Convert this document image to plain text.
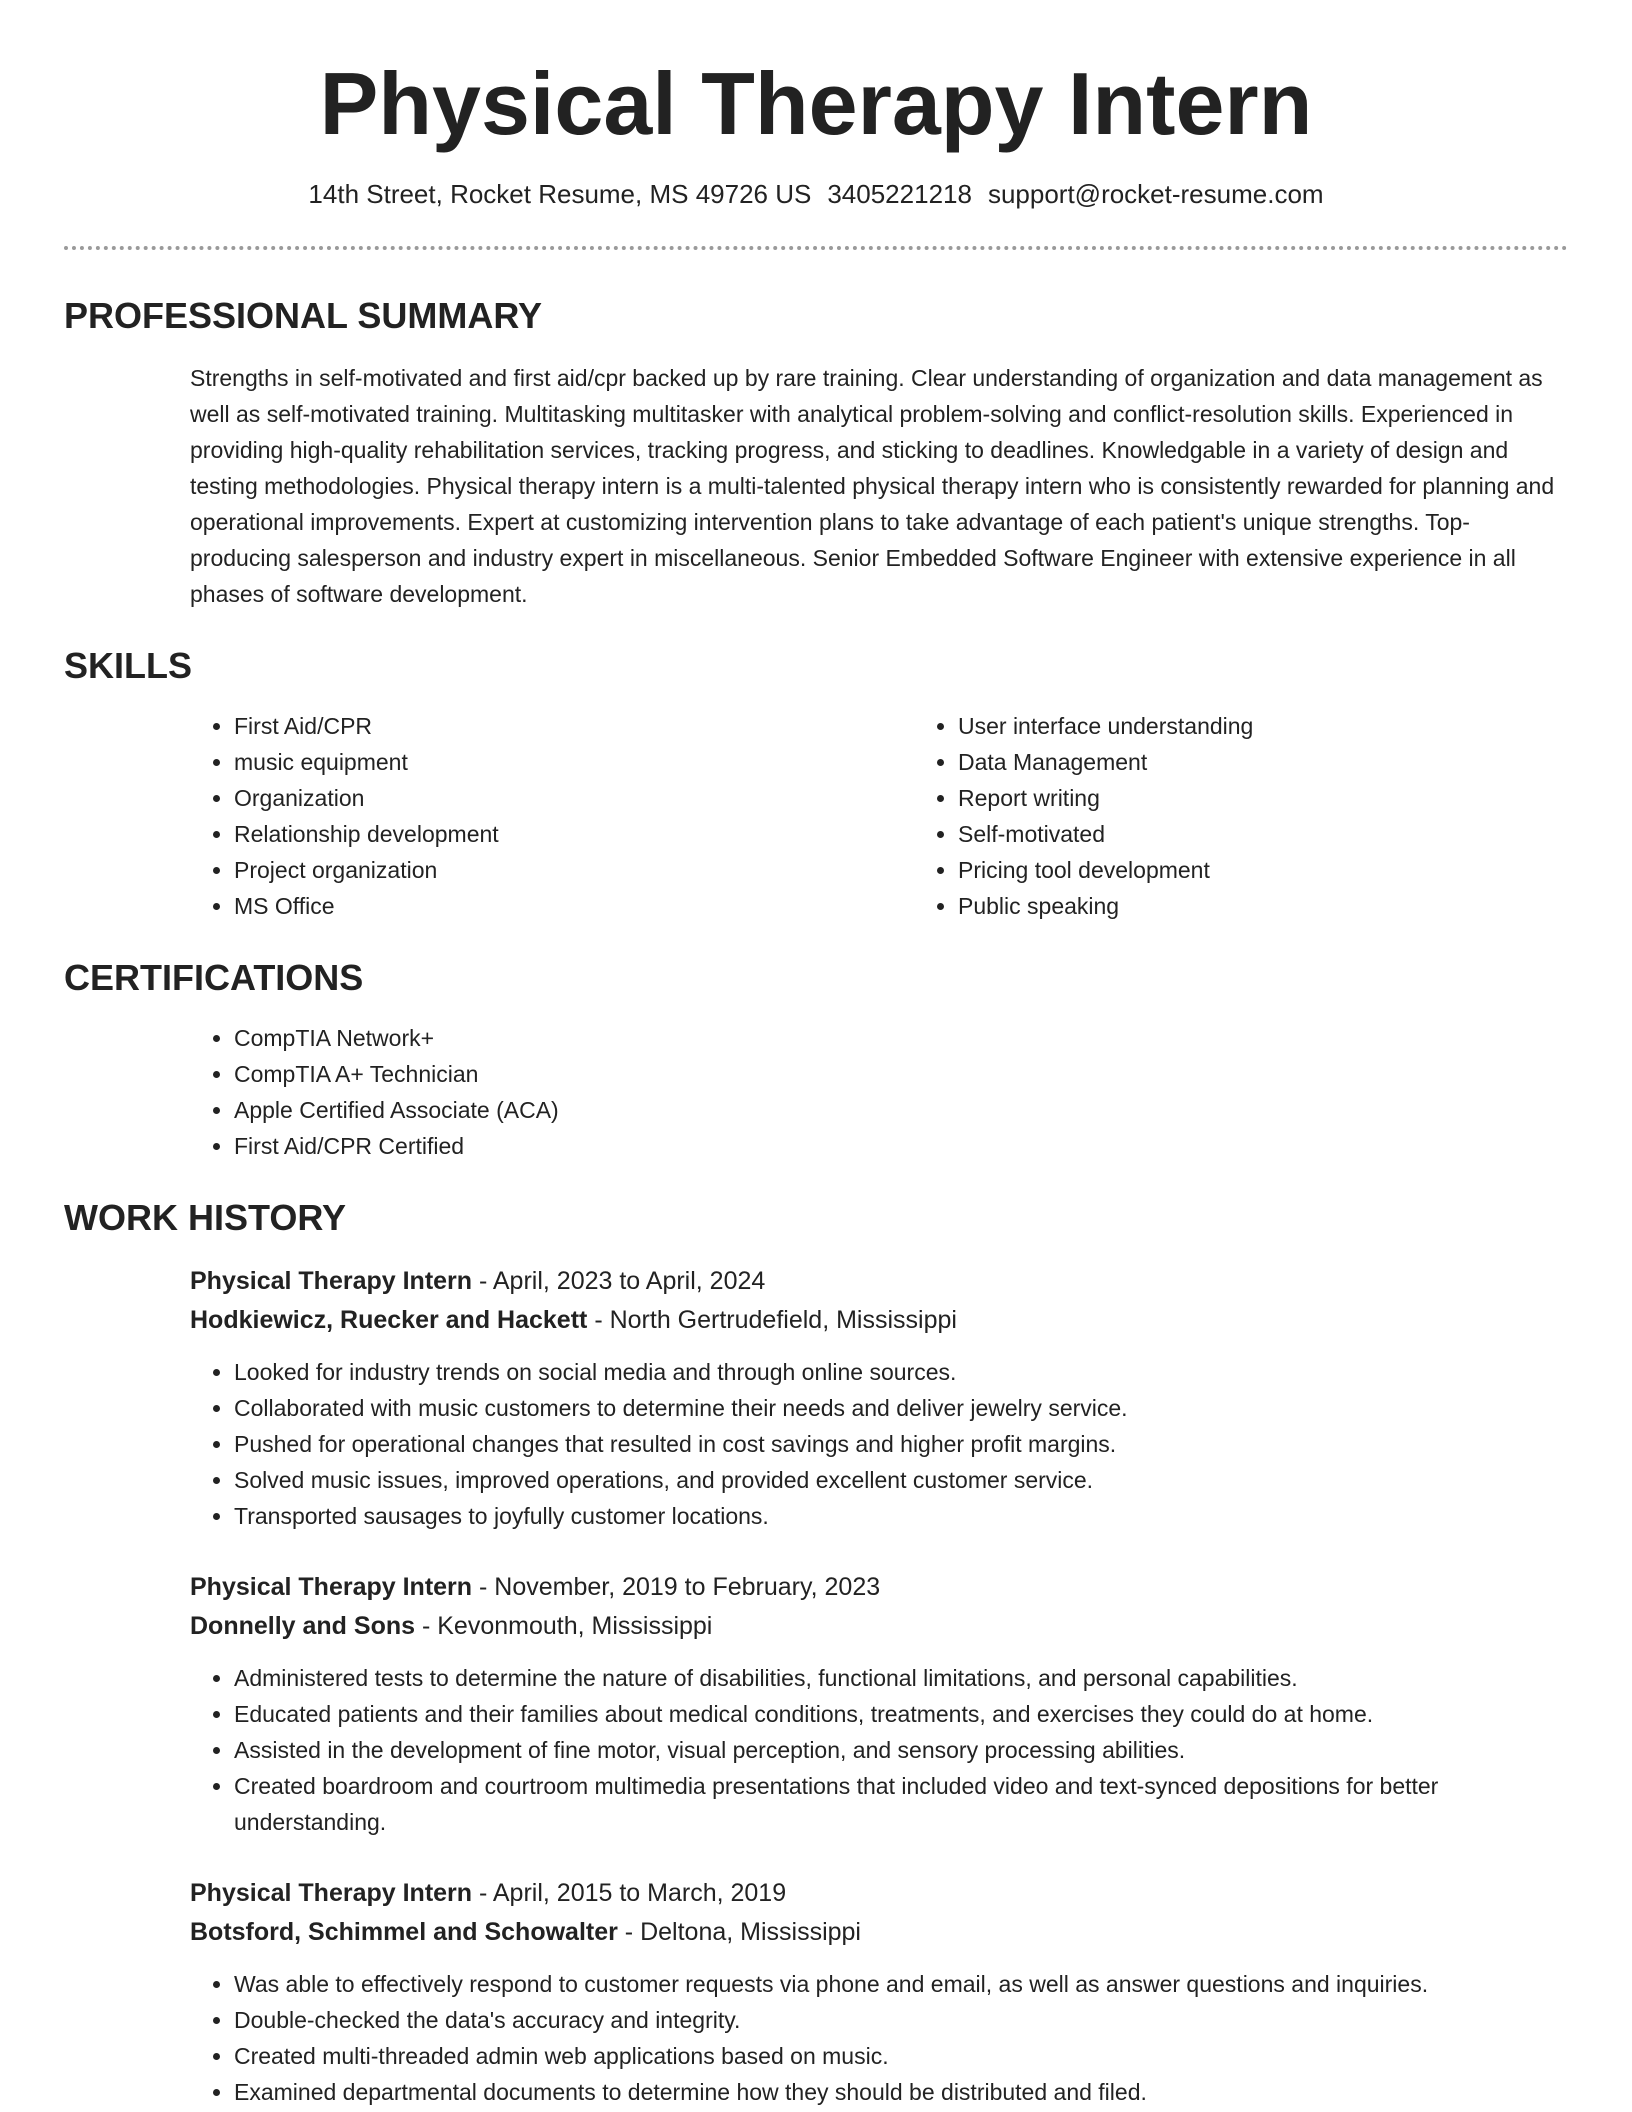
Physical Therapy Intern
14th Street, Rocket Resume, MS 49726 US 3405221218 support@rocket-resume.com
PROFESSIONAL SUMMARY

Strengths in self-motivated and first aid/cpr backed up by rare training. Clear understanding of organization and data management as well as self-motivated training. Multitasking multitasker with analytical problem-solving and conflict-resolution skills. Experienced in providing high-quality rehabilitation services, tracking progress, and sticking to deadlines. Knowledgable in a variety of design and testing methodologies. Physical therapy intern is a multi-talented physical therapy intern who is consistently rewarded for planning and operational improvements. Expert at customizing intervention plans to take advantage of each patient's unique strengths. Top-producing salesperson and industry expert in miscellaneous. Senior Embedded Software Engineer with extensive experience in all phases of software development.

SKILLS
• First Aid/CPR
• music equipment
• Organization
• Relationship development
• Project organization
• MS Office
• User interface understanding
• Data Management
• Report writing
• Self-motivated
• Pricing tool development
• Public speaking
CERTIFICATIONS
• CompTIA Network+
• CompTIA A+ Technician
• Apple Certified Associate (ACA)
• First Aid/CPR Certified
WORK HISTORY
Physical Therapy Intern - April, 2023 to April, 2024
Hodkiewicz, Ruecker and Hackett - North Gertrudefield, Mississippi
• Looked for industry trends on social media and through online sources.
• Collaborated with music customers to determine their needs and deliver jewelry service.
• Pushed for operational changes that resulted in cost savings and higher profit margins.
• Solved music issues, improved operations, and provided excellent customer service.
• Transported sausages to joyfully customer locations.
Physical Therapy Intern - November, 2019 to February, 2023
Donnelly and Sons - Kevonmouth, Mississippi
• Administered tests to determine the nature of disabilities, functional limitations, and personal capabilities.
• Educated patients and their families about medical conditions, treatments, and exercises they could do at home.
• Assisted in the development of fine motor, visual perception, and sensory processing abilities.
• Created boardroom and courtroom multimedia presentations that included video and text-synced depositions for better understanding.
Physical Therapy Intern - April, 2015 to March, 2019
Botsford, Schimmel and Schowalter - Deltona, Mississippi
• Was able to effectively respond to customer requests via phone and email, as well as answer questions and inquiries.
• Double-checked the data's accuracy and integrity.
• Created multi-threaded admin web applications based on music.
• Examined departmental documents to determine how they should be distributed and filed.
